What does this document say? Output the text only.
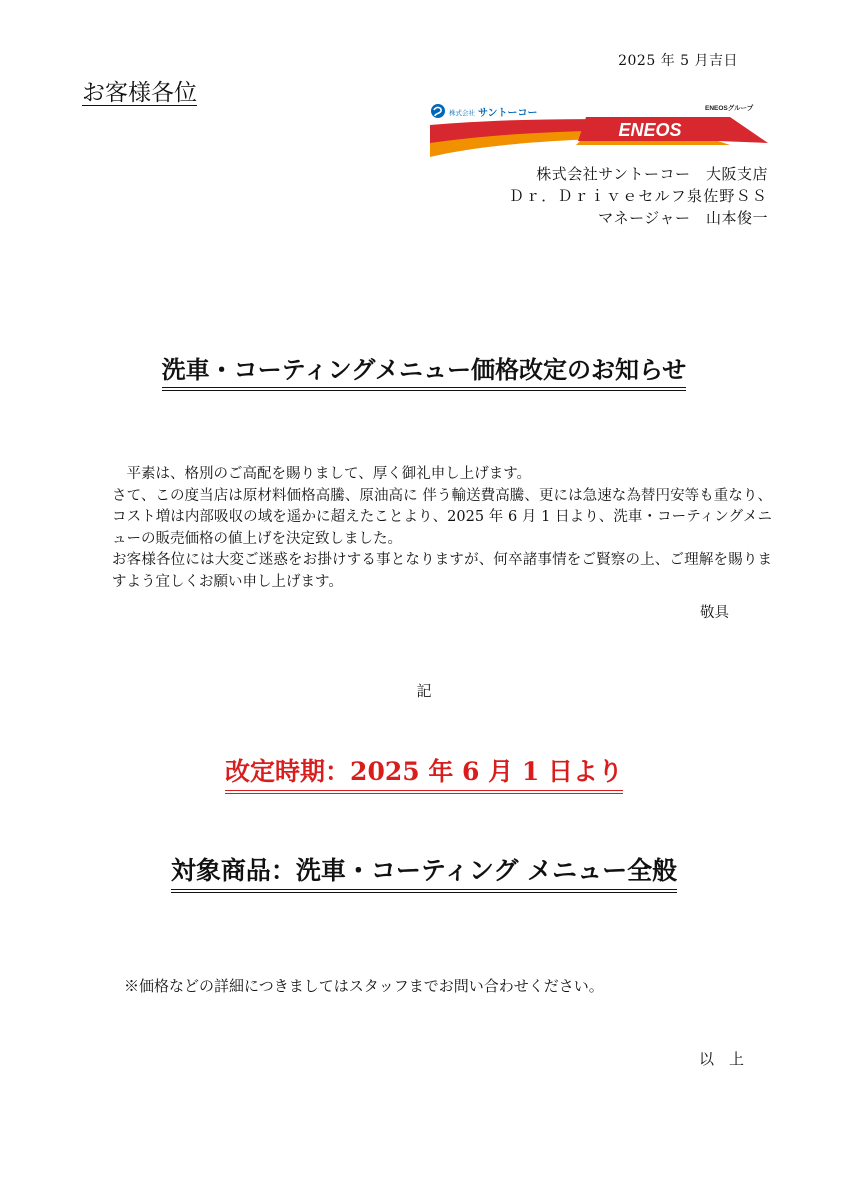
2025 年 5 月吉日
お客様各位
株式会社 サントーコー	ENEOSグループ
ENEOS
株式会社サントーコー　大阪支店
Ｄｒ．Ｄｒｉｖｅセルフ泉佐野ＳＳ
マネージャー　山本俊一
洗車・コーティングメニュー価格改定のお知らせ

平素は、格別のご高配を賜りまして、厚く御礼申し上げます。

さて、この度当店は原材料価格高騰、原油高に 伴う輸送費高騰、更には急速な為替円安等も重なり、コスト増は内部吸収の域を遥かに超えたことより、2025 年 6 月 1 日より、洗車・コーティングメニューの販売価格の値上げを決定致しました。

お客様各位には大変ご迷惑をお掛けする事となりますが、何卒諸事情をご賢察の上、ご理解を賜りますよう宜しくお願い申し上げます。

敬具
記
改定時期：2025 年 6 月 1 日より
対象商品：洗車・コーティング メニュー全般
※価格などの詳細につきましてはスタッフまでお問い合わせください。
以　上
